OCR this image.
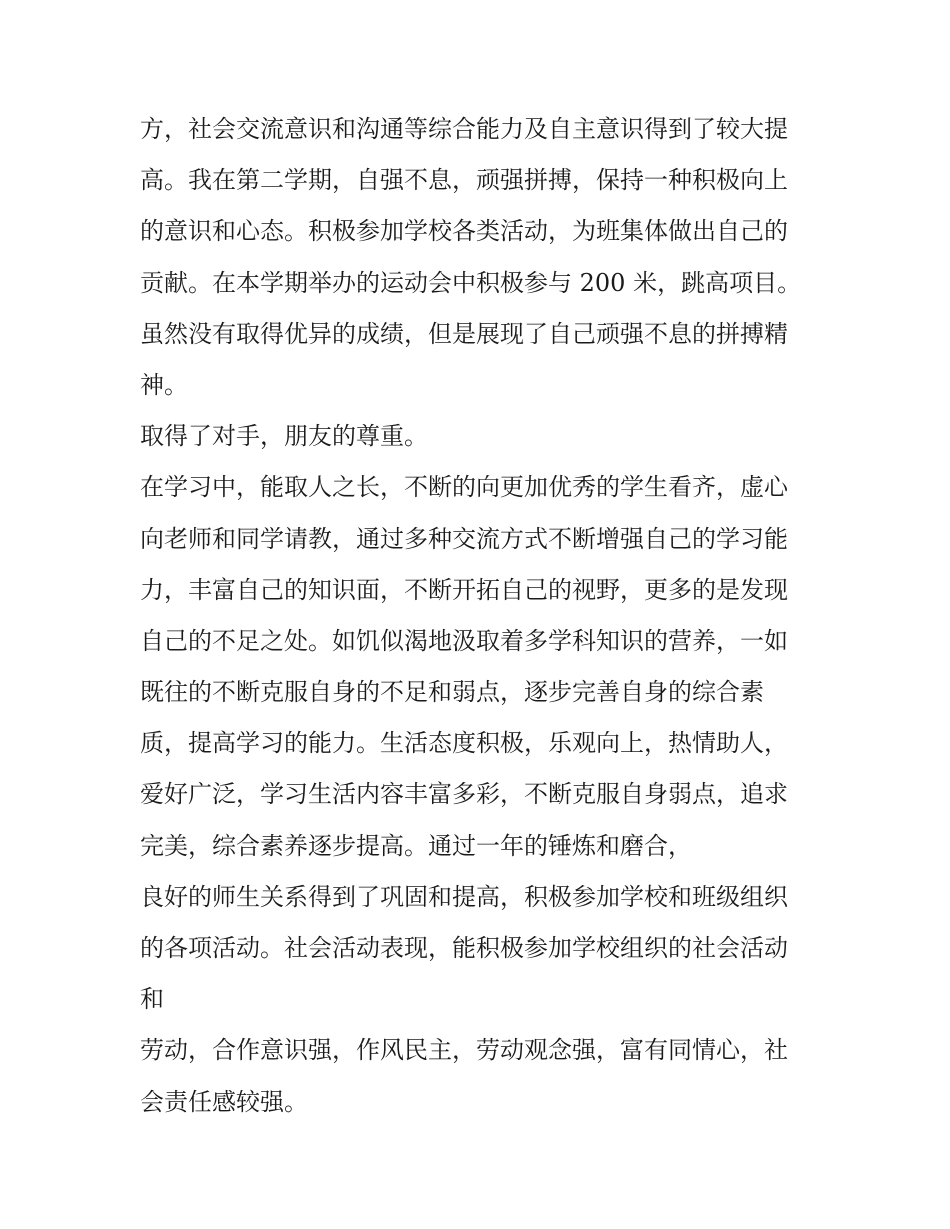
方，社会交流意识和沟通等综合能力及自主意识得到了较大提
高。我在第二学期，自强不息，顽强拼搏，保持一种积极向上
的意识和心态。积极参加学校各类活动，为班集体做出自己的
贡献。在本学期举办的运动会中积极参与 200 米，跳高项目。
虽然没有取得优异的成绩，但是展现了自己顽强不息的拼搏精
神。
取得了对手，朋友的尊重。
在学习中，能取人之长，不断的向更加优秀的学生看齐，虚心
向老师和同学请教，通过多种交流方式不断增强自己的学习能
力，丰富自己的知识面，不断开拓自己的视野，更多的是发现
自己的不足之处。如饥似渴地汲取着多学科知识的营养，一如
既往的不断克服自身的不足和弱点，逐步完善自身的综合素
质，提高学习的能力。生活态度积极，乐观向上，热情助人，
爱好广泛，学习生活内容丰富多彩，不断克服自身弱点，追求
完美，综合素养逐步提高。通过一年的锤炼和磨合，
良好的师生关系得到了巩固和提高，积极参加学校和班级组织
的各项活动。社会活动表现，能积极参加学校组织的社会活动
和
劳动，合作意识强，作风民主，劳动观念强，富有同情心，社
会责任感较强。
